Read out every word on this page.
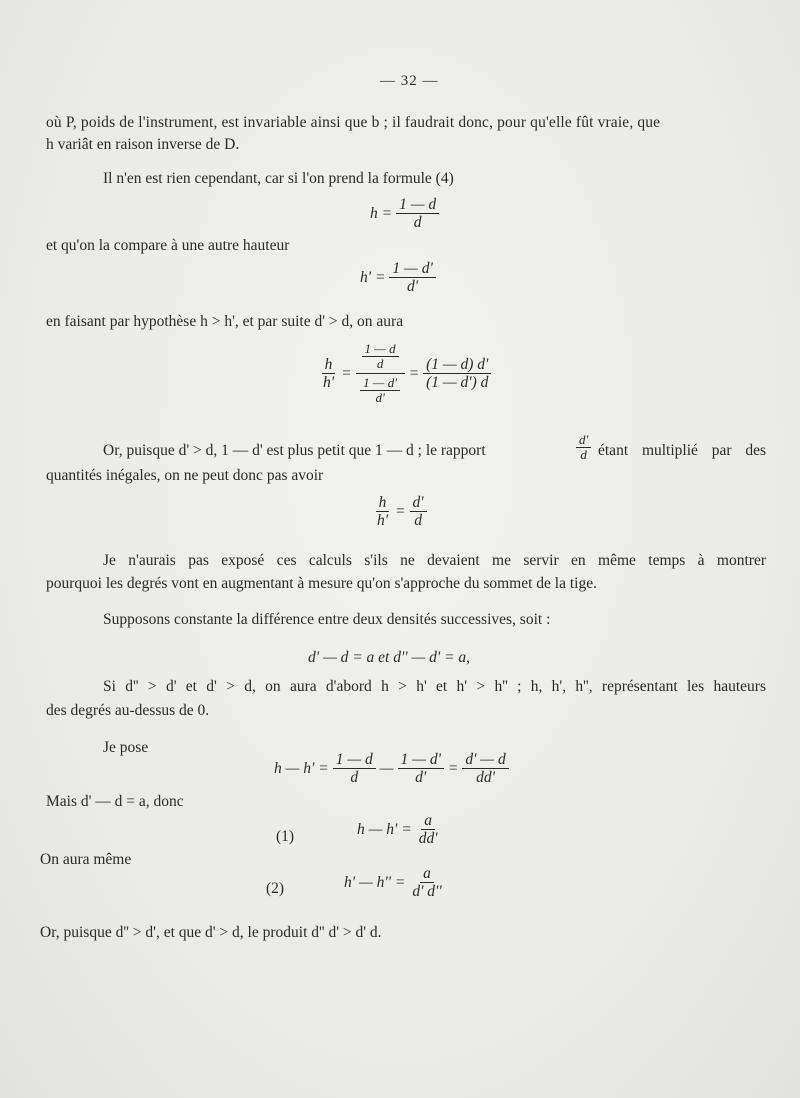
— 32 —
où P, poids de l'instrument, est invariable ainsi que b ; il faudrait donc, pour qu'elle fût vraie, que
h variât en raison inverse de D.
Il n'en est rien cependant, car si l'on prend la formule (4)
$h = \frac{1 — d}{d}$
et qu'on la compare à une autre hauteur
$h' = \frac{1 — d'}{d'}$
en faisant par hypothèse h > h', et par suite d' > d, on aura
$\frac{h}{h'} = \frac{\frac{1 — d}{d}}{\frac{1 — d'}{d'}} = \frac{(1 — d) d'}{(1 — d') d}$
Or, puisque d' > d, 1 — d' est plus petit que 1 — d ; le rapport	$\frac{d'}{d}$ étant multiplié par des
quantités inégales, on ne peut donc pas avoir
$\frac{h}{h'} = \frac{d'}{d}$
Je n'aurais pas exposé ces calculs s'ils ne devaient me servir en même temps à montrer
pourquoi les degrés vont en augmentant à mesure qu'on s'approche du sommet de la tige.
Supposons constante la différence entre deux densités successives, soit :
d' — d = a et d'' — d' = a,
Si d'' > d' et d' > d, on aura d'abord h > h' et h' > h'' ; h, h', h'', représentant les hauteurs
des degrés au-dessus de 0.
Je pose
h — $h' = \frac{1 — d}{d}$ — $\frac{1 — d'}{d'} = \frac{d' — d}{dd'}$
Mais d' — d = a, donc
(1)	h — $h' = \frac{a}{dd'}$
On aura même
(2)	h' — $h'' = \frac{a}{d' d''}$
Or, puisque d'' > d', et que d' > d, le produit d'' d' > d' d.
